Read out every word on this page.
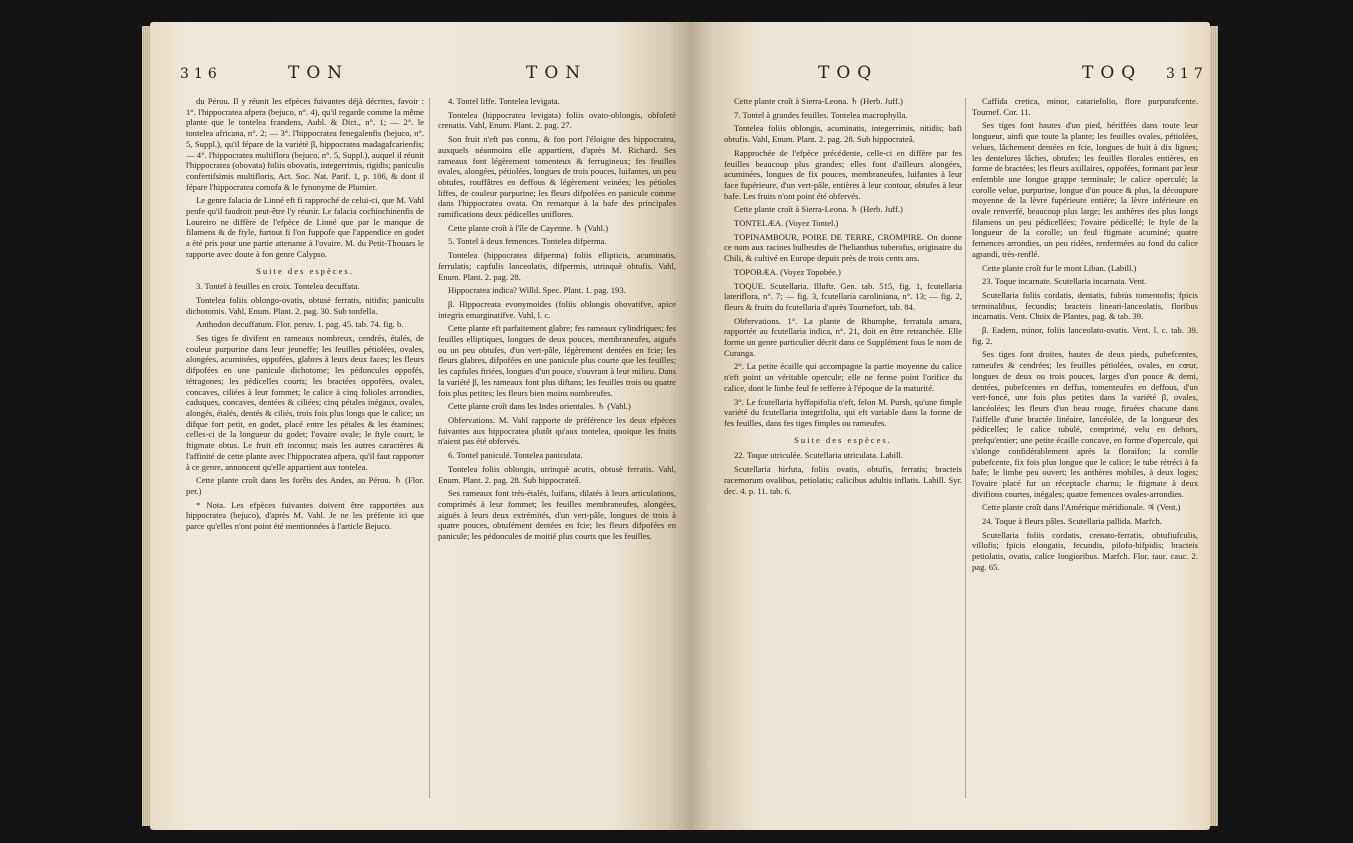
316	TON	TON

du Pérou. Il y réunit les efpèces fuivantes déjà décrites, favoir : 1°. l'hippocratea afpera (bejuco, n°. 4), qu'il regarde comme la même plante que le tontelea fcandens, Aubl. & Dict., n°. 1; — 2°. le tontelea africana, n°. 2; — 3°. l'hippocratea fenegalenfis (bejuco, n°. 5, Suppl.), qu'il fépare de la variété β, hippocratea madagafcarienfis; — 4°. l'hippocratea multiflora (bejuco, n°. 5, Suppl.), auquel il réunit l'hippocratea (obovata) foliis obovatis, integerrimis, rigidis; paniculis confertifsimis multifloris, Act. Soc. Nat. Parif. 1, p. 106, & dont il fépare l'hippocratea comofa & le fynonyme de Plumier.

Le genre falacia de Linné eft fi rapproché de celui-ci, que M. Vahl penfe qu'il faudroit peut-être l'y réunir. Le falacia cochinchinenfis de Loureiro ne diffère de l'efpèce de Linné que par le manque de filamens & de ftyle, furtout fi l'on fuppofe que l'appendice en godet a été pris pour une partie attenante à l'ovaire. M. du Petit-Thouars le rapporte avec doute à fon genre Calypso.

Suite des espèces.

3. Tontel à feuilles en croix. Tontelea decuffata.

Tontelea foliis oblongo-ovatis, obtusè ferratis, nitidis; paniculis dichotomis. Vahl, Enum. Plant. 2. pag. 30. Sub tonfella.

Anthodon decuffatum. Flor. peruv. 1. pag. 45. tab. 74. fig. b.

Ses tiges fe divifent en rameaux nombreux, cendrés, étalés, de couleur purpurine dans leur jeuneffe; les feuilles pétiolées, ovales, alongées, acuminées, oppofées, glabres à leurs deux faces; les fleurs difpofées en une panicule dichotome; les pédoncules oppofés, tétragones; les pédicelles courts; les bractées oppofées, ovales, concaves, ciliées à leur fommet; le calice à cinq folioles arrondies, caduques, concaves, dentées & ciliées; cinq pétales inégaux, ovales, alongés, étalés, dentés & ciliés, trois fois plus longs que le calice; un difque fort petit, en godet, placé entre les pétales & les étamines; celles-ci de la longueur du godet; l'ovaire ovale; le ftyle court; le ftigmate obtus. Le fruit eft inconnu; mais les autres caractères & l'affinité de cette plante avec l'hippocratea afpera, qu'il faut rapporter à ce genre, annoncent qu'elle appartient aux tontelea.

Cette plante croît dans les forêts des Andes, au Pérou. ♄ (Flor. per.)

* Nota. Les efpèces fuivantes doivent être rapportées aux hippocratea (bejuco), d'après M. Vahl. Je ne les préfente ici que parce qu'elles n'ont point été mentionnées à l'article Bejuco.

4. Tontel liffe. Tontelea levigata.

Tontelea (hippocratea levigata) foliis ovato-oblongis, obfoletè crenatis. Vahl, Enum. Plant. 2. pag. 27.

Son fruit n'eft pas connu, & fon port l'éloigne des hippocratea, auxquels néanmoins elle appartient, d'après M. Richard. Ses rameaux font légèrement tomenteux & ferrugineux; fes feuilles ovales, alongées, pétiolées, longues de trois pouces, luifantes, un peu obtufes, rouffâtres en deffous & légèrement veinées; les pétioles liffes, de couleur purpurine; les fleurs difpofées en panicule comme dans l'hippocratea ovata. On remarque à la bafe des principales ramifications deux pédicelles uniflores.

Cette plante croît à l'île de Cayenne. ♄ (Vahl.)

5. Tontel à deux femences. Tontelea difperma.

Tontelea (hippocratea difperma) foliis ellipticis, acuminatis, ferrulatis; capfulis lanceolatis, difpermis, utrinquè obtufis. Vahl, Enum. Plant. 2. pag. 28.

Hippocratea indica? Willd. Spec. Plant. 1. pag. 193.

β. Hippocreata evonymoides (foliis oblongis obovatifve, apice integris emarginatifve. Vahl, l. c.

Cette plante eft parfaitement glabre; fes rameaux cylindriques; fes feuilles elliptiques, longues de deux pouces, membraneufes, aiguës ou un peu obtufes, d'un vert-pâle, légèrement dentées en fcie; les fleurs glabres, difpofées en une panicule plus courte que les feuilles; les capfules ftriées, longues d'un pouce, s'ouvrant à leur milieu. Dans la variété β, les rameaux font plus diftans; les feuilles trois ou quatre fois plus petites; les fleurs bien moins nombreufes.

Cette plante croît dans les Indes orientales. ♄ (Vahl.)

Obfervations. M. Vahl rapporte de préférence les deux efpèces fuivantes aux hippocratea plutôt qu'aux tontelea, quoique les fruits n'aient pas été obfervés.

6. Tontel paniculé. Tontelea paniculata.

Tontelea foliis oblongis, utrinquè acutis, obtusè ferratis. Vahl, Enum. Plant. 2. pag. 28. Sub hippocrateâ.

Ses rameaux font très-étalés, luifans, dilatés à leurs articulations, comprimés à leur fommet; les feuilles membraneufes, alongées, aiguës à leurs deux extrémités, d'un vert-pâle, longues de trois à quatre pouces, obtufément dentées en fcie; les fleurs difpofées en panicule; les pédoncules de moitié plus courts que les feuilles.

TOQ	TOQ 317

Cette plante croît à Sierra-Leona. ♄ (Herb. Juff.)

7. Tontel à grandes feuilles. Tontelea macrophylla.

Tontelea foliis oblongis, acuminatis, integerrimis, nitidis; bafi obtufis. Vahl, Enum. Plant. 2. pag. 28. Sub hippocrateâ.

Rapprochée de l'efpèce précédente, celle-ci en diffère par fes feuilles beaucoup plus grandes; elles font d'ailleurs alongées, acuminées, longues de fix pouces, membraneufes, luifantes à leur face fupérieure, d'un vert-pâle, entières à leur contour, obtufes à leur bafe. Les fruits n'ont point été obfervés.

Cette plante croît à Sierra-Leona. ♄ (Herb. Juff.)

TONTELÆA. (Voyez Tontel.)

TOPINAMBOUR, POIRE DE TERRE, CROMPIRE. On donne ce nom aux racines bulbeufes de l'helianthus tuberofus, originaire du Chili, & cultivé en Europe depuis près de trois cents ans.

TOPOBÆA. (Voyez Topobée.)

TOQUE. Scutellaria. Illuftr. Gen. tab. 515, fig. 1, fcutellaria lateriflora, n°. 7; — fig. 3, fcutellaria caroliniana, n°. 13; — fig. 2, fleurs & fruits du fcutellaria d'après Tournefort, tab. 84.

Obfervations. 1°. La plante de Rhumphe, ferratula amara, rapportée au fcutellaria indica, n°. 21, doit en être retranchée. Elle forme un genre particulier décrit dans ce Supplément fous le nom de Curanga.

2°. La petite écaille qui accompagne la partie moyenne du calice n'eft point un véritable opercule; elle ne ferme point l'orifice du calice, dont le limbe feul fe refferre à l'époque de la maturité.

3°. Le fcutellaria hyffopifolia n'eft, felon M. Pursh, qu'une fimple variété du fcutellaria integrifolia, qui eft variable dans la forme de fes feuilles, dans fes tiges fimples ou rameufes.

Suite des espèces.

22. Toque utriculée. Scutellaria utriculata. Labill.

Scutellaria hirfuta, foliis ovatis, obtufis, ferratis; bracteis racemorum ovalibus, petiolatis; calicibus adultis inflatis. Labill. Syr. dec. 4. p. 11. tab. 6.

Caffida cretica, minor, catariefolio, flore purpurafcente. Tournef. Cor. 11.

Ses tiges font hautes d'un pied, hériffées dans toute leur longueur, ainfi que toute la plante; les feuilles ovales, pétiolées, velues, lâchement dentées en fcie, longues de huit à dix lignes; les dentelures lâches, obtufes; les feuilles florales entières, en forme de bractées; les fleurs axillaires, oppofées, formant par leur enfemble une longue grappe terminale; le calice operculé; la corolle velue, purpurine, longue d'un pouce & plus, la découpure moyenne de la lèvre fupérieure entière; la lèvre inférieure en ovale renverfé, beaucoup plus large; les anthères des plus longs filamens un peu pédicellées; l'ovaire pédicellé; le ftyle de la longueur de la corolle; un feul ftigmate acuminé; quatre femences arrondies, un peu ridées, renfermées au fond du calice agrandi, très-renflé.

Cette plante croît fur le mont Liban. (Labill.)

23. Toque incarnate. Scutellaria incarnata. Vent.

Scutellaria foliis cordatis, dentatis, fubtùs tomentofis; fpicis terminalibus, fecundis; bracteis lineari-lanceolatis, floribus incarnatis. Vent. Choix de Plantes, pag. & tab. 39.

β. Eadem, minor, foliis lanceolato-ovatis. Vent. l. c. tab. 39. fig. 2.

Ses tiges font droites, hautes de deux pieds, pubefcentes, rameufes & cendrées; les feuilles pétiolées, ovales, en cœur, longues de deux ou trois pouces, larges d'un pouce & demi, dentées, pubefcentes en deffus, tomenteufes en deffous, d'un vert-foncé, une fois plus petites dans la variété β, ovales, lancéolées; les fleurs d'un beau rouge, firuées chacune dans l'aiffelle d'une bractée linéaire, lancéolée, de la longueur des pédicelles; le calice tubulé, comprimé, velu en dehors, prefqu'entier; une petite écaille concave, en forme d'opercule, qui s'alonge confidérablement après la floraifon; la corolle pubefcente, fix fois plus longue que le calice; le tube rétréci à fa bafe; le limbe peu ouvert; les anthères mobiles, à deux loges; l'ovaire placé fur un réceptacle charnu; le ftigmate à deux divifions courtes, inégales; quatre femences ovales-arrondies.

Cette plante croît dans l'Amérique méridionale. ♃ (Vent.)

24. Toque à fleurs pâles. Scutellaria pallida. Marfch.

Scutellaria foliis cordatis, crenato-ferratis, obtufiufculis, villofis; fpicis elongatis, fecundis, pilofo-hifpidis; bracteis petiolatis, ovatis, calice longioribus. Marfch. Flor. taur. cauc. 2. pag. 65.
